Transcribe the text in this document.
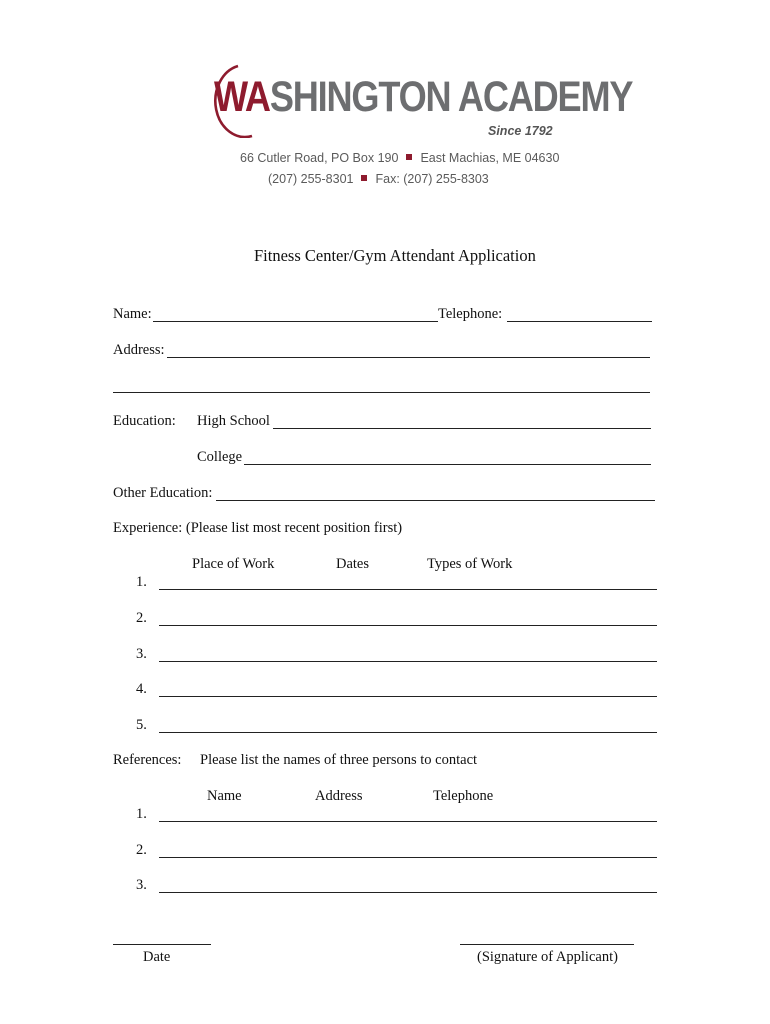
WASHINGTON ACADEMY
Since 1792
66 Cutler Road, PO Box 190 East Machias, ME 04630
(207) 255-8301 Fax: (207) 255-8303
Fitness Center/Gym Attendant Application
Name:	Telephone:
Address:
Education: High School
College
Other Education:
Experience: (Please list most recent position first)
Place of Work	Dates	Types of Work
1.
2.
3.
4.
5.
References: Please list the names of three persons to contact
Name	Address	Telephone
1.
2.
3.
Date	(Signature of Applicant)
